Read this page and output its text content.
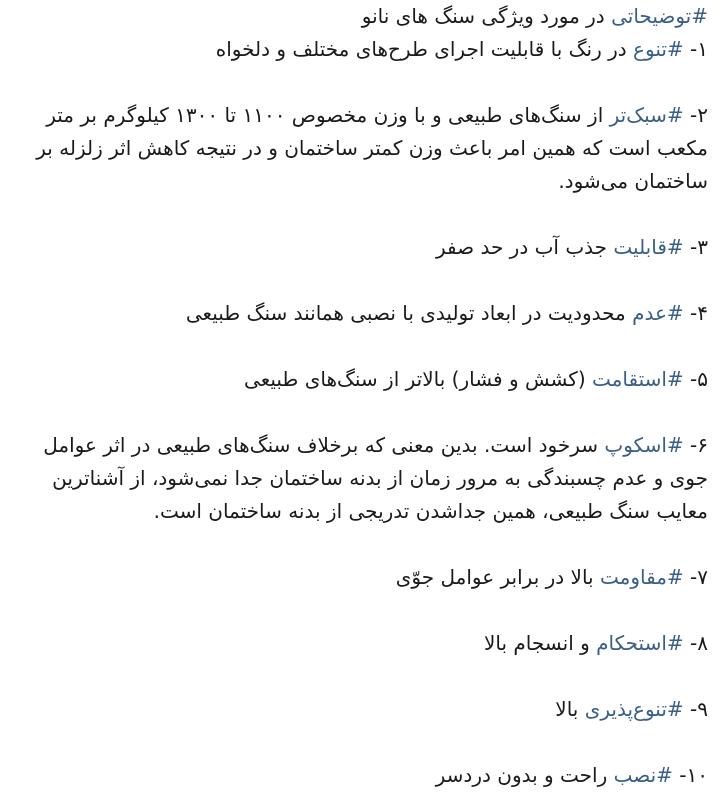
#توضیحاتی در مورد ویژگی سنگ های نانو
۱- #تنوع در رنگ با قابلیت اجرای طرح‌های مختلف و دلخواه
۲- #سبک‌تر از سنگ‌های طبیعی و با وزن مخصوص ۱۱۰۰ تا ۱۳۰۰ کیلوگرم بر متر مکعب است که همین امر باعث وزن کمتر ساختمان و در نتیجه کاهش اثر زلزله بر ساختمان می‌شود.
۳- #قابلیت جذب آب در حد صفر
۴- #عدم محدودیت در ابعاد تولیدی با نصبی همانند سنگ طبیعی
۵- #استقامت (کشش و فشار) بالاتر از سنگ‌های طبیعی
۶- #اسکوپ سرخود است. بدین معنی که برخلاف سنگ‌های طبیعی در اثر عوامل جوی و عدم چسبندگی به مرور زمان از بدنه ساختمان جدا نمی‌شود، از آشناترین معایب سنگ طبیعی، همین جداشدن تدریجی از بدنه ساختمان است.
۷- #مقاومت بالا در برابر عوامل جوّی
۸- #استحکام و انسجام بالا
۹- #تنوع‌پذیری بالا
۱۰- #نصب راحت و بدون دردسر
